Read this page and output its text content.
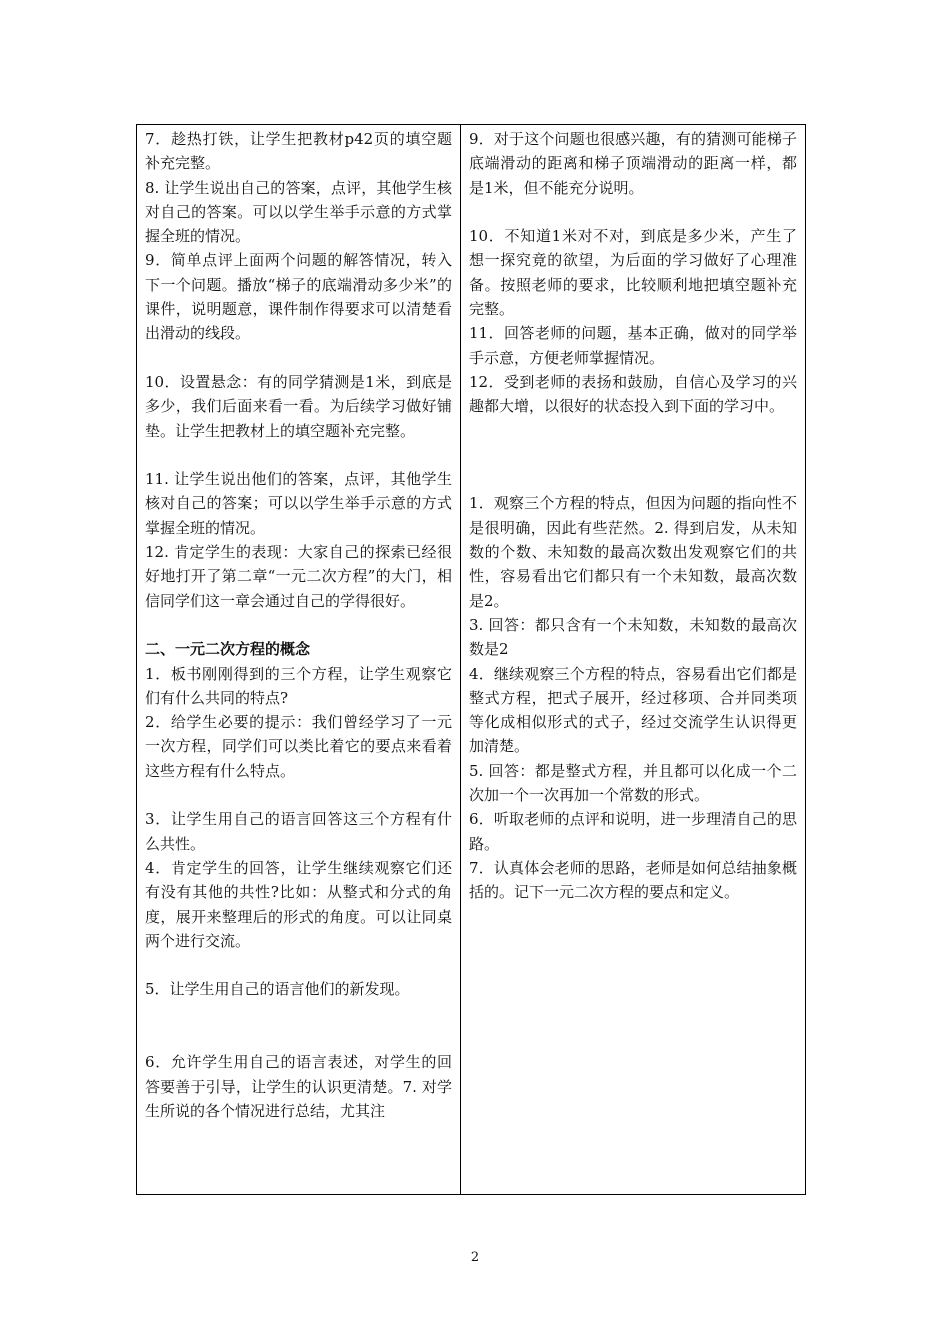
7．趁热打铁，让学生把教材p42页的填空题补充完整。

8. 让学生说出自己的答案，点评，其他学生核对自己的答案。可以以学生举手示意的方式掌握全班的情况。

9．简单点评上面两个问题的解答情况，转入下一个问题。播放“梯子的底端滑动多少米”的课件，说明题意，课件制作得要求可以清楚看出滑动的线段。

10．设置悬念：有的同学猜测是1米，到底是多少，我们后面来看一看。为后续学习做好铺垫。让学生把教材上的填空题补充完整。

11. 让学生说出他们的答案，点评，其他学生核对自己的答案；可以以学生举手示意的方式掌握全班的情况。

12. 肯定学生的表现：大家自己的探索已经很好地打开了第二章“一元二次方程”的大门，相信同学们这一章会通过自己的学得很好。

二、一元二次方程的概念

1．板书刚刚得到的三个方程，让学生观察它们有什么共同的特点?

2．给学生必要的提示：我们曾经学习了一元一次方程，同学们可以类比着它的要点来看着这些方程有什么特点。

3．让学生用自己的语言回答这三个方程有什么共性。

4．肯定学生的回答，让学生继续观察它们还有没有其他的共性?比如：从整式和分式的角度，展开来整理后的形式的角度。可以让同桌两个进行交流。

5．让学生用自己的语言他们的新发现。

6．允许学生用自己的语言表述，对学生的回答要善于引导，让学生的认识更清楚。7. 对学生所说的各个情况进行总结，尤其注

9．对于这个问题也很感兴趣，有的猜测可能梯子底端滑动的距离和梯子顶端滑动的距离一样，都是1米，但不能充分说明。

10．不知道1米对不对，到底是多少米，产生了想一探究竟的欲望，为后面的学习做好了心理准备。按照老师的要求，比较顺利地把填空题补充完整。

11．回答老师的问题，基本正确，做对的同学举手示意，方便老师掌握情况。

12．受到老师的表扬和鼓励，自信心及学习的兴趣都大增，以很好的状态投入到下面的学习中。

1．观察三个方程的特点，但因为问题的指向性不是很明确，因此有些茫然。2. 得到启发，从未知数的个数、未知数的最高次数出发观察它们的共性，容易看出它们都只有一个未知数，最高次数是2。

3. 回答：都只含有一个未知数，未知数的最高次数是2

4．继续观察三个方程的特点，容易看出它们都是整式方程，把式子展开，经过移项、合并同类项等化成相似形式的式子，经过交流学生认识得更加清楚。

5. 回答：都是整式方程，并且都可以化成一个二次加一个一次再加一个常数的形式。

6．听取老师的点评和说明，进一步理清自己的思路。

7．认真体会老师的思路，老师是如何总结抽象概括的。记下一元二次方程的要点和定义。

2
